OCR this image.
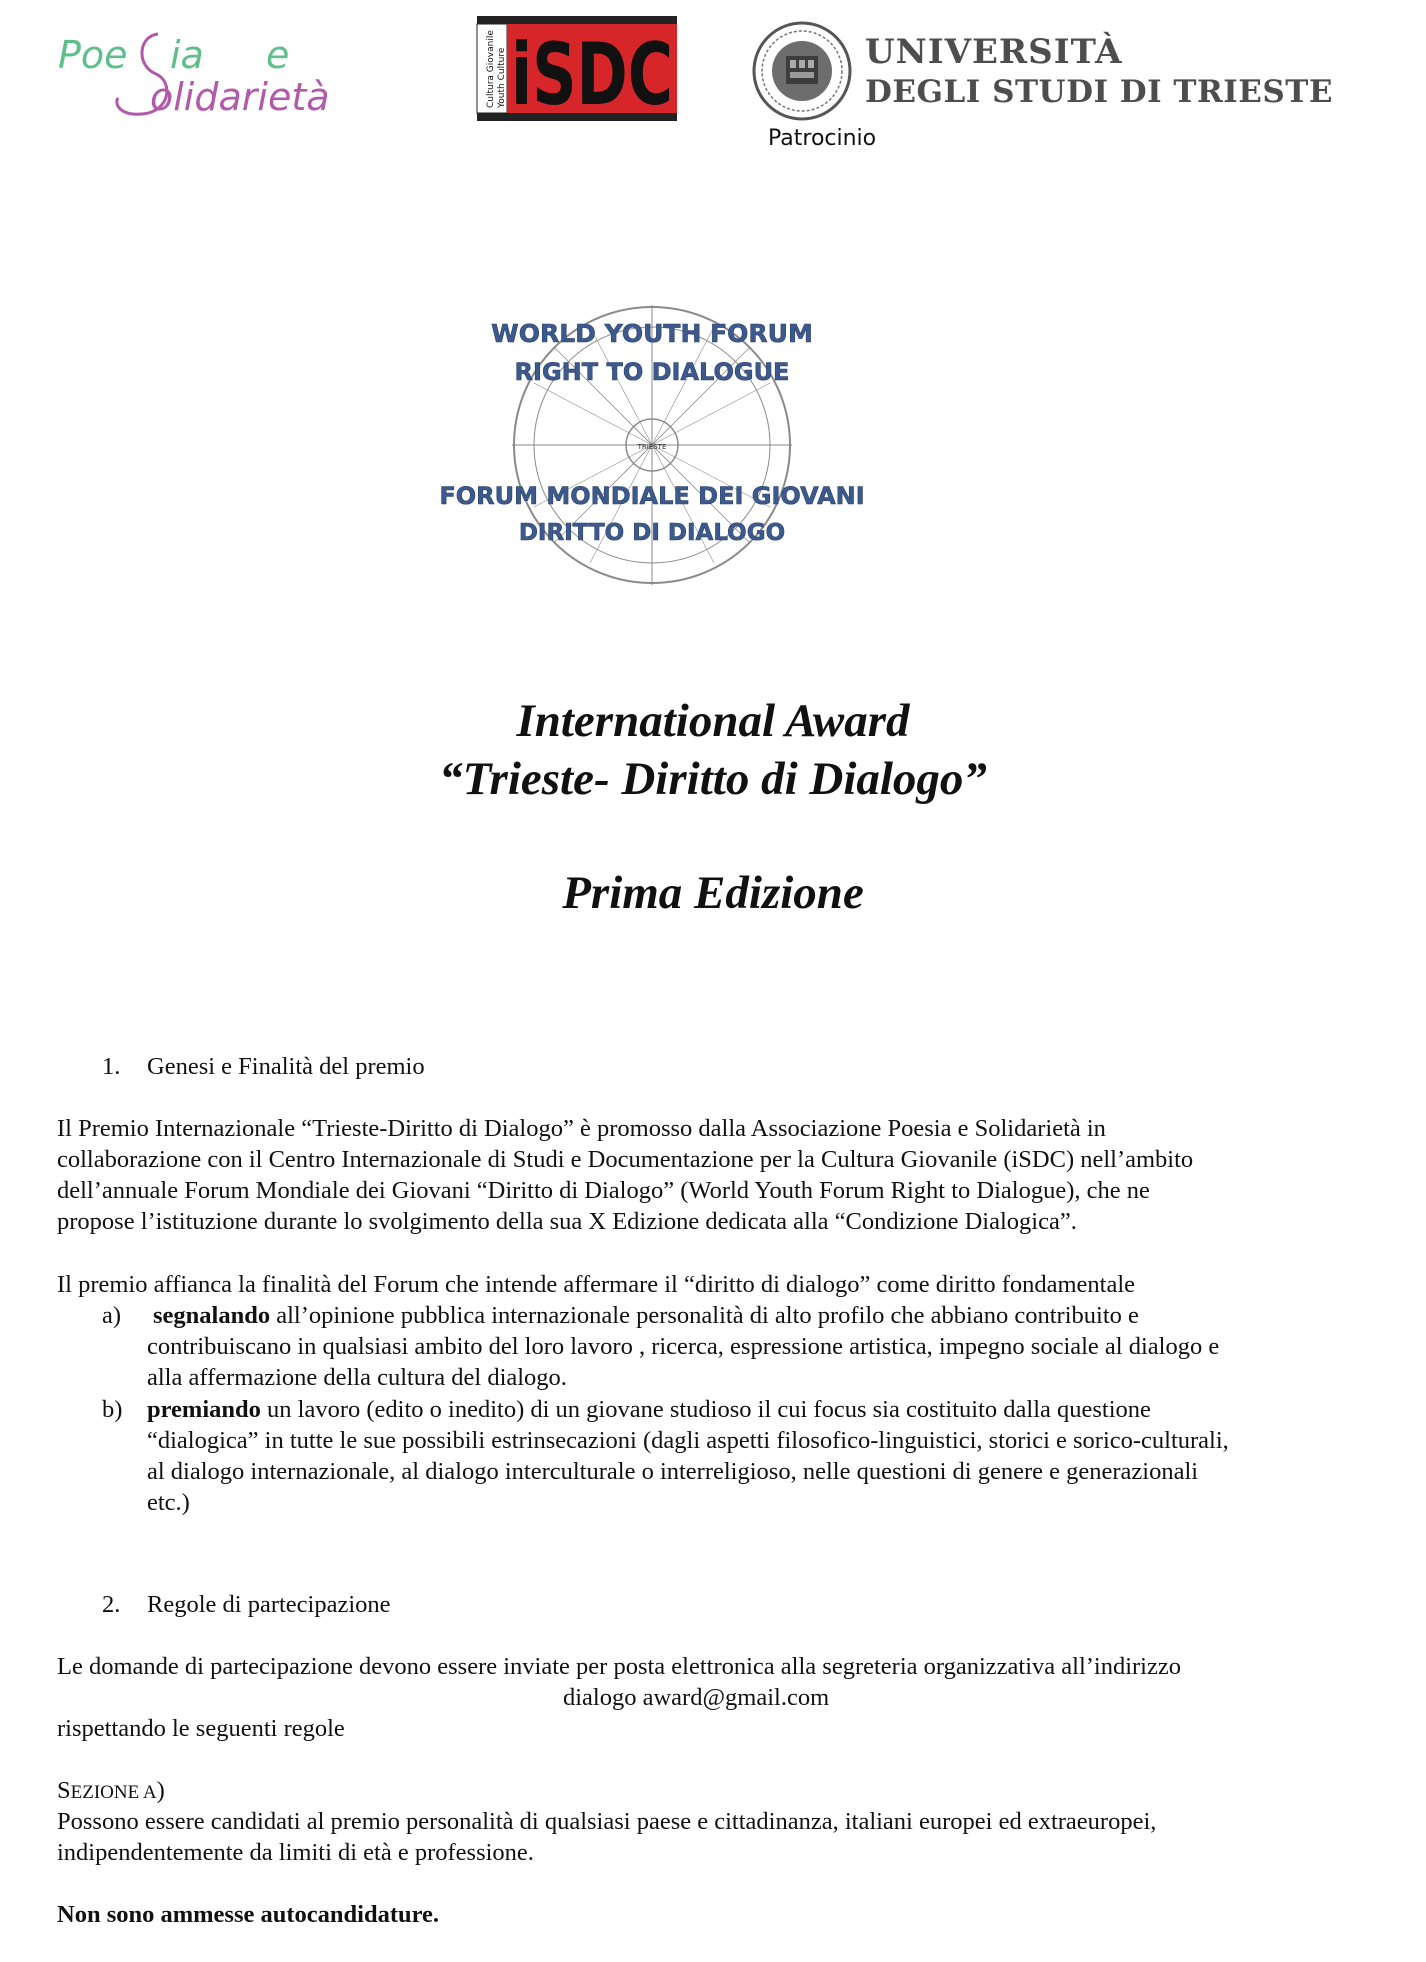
Poe ia e
olidarietà	Cultura Giovanile Youth Culture iSDC	UNIVERSITÀ
DEGLI STUDI DI TRIESTE
Patrocinio
TRIESTE
WORLD YOUTH FORUM
RIGHT TO DIALOGUE
FORUM MONDIALE DEI GIOVANI
DIRITTO DI DIALOGO
International Award
“Trieste- Diritto di Dialogo”
Prima Edizione
1. Genesi e Finalità del premio
Il Premio Internazionale “Trieste-Diritto di Dialogo” è promosso dalla Associazione Poesia e Solidarietà in
collaborazione con il Centro Internazionale di Studi e Documentazione per la Cultura Giovanile (iSDC) nell’ambito
dell’annuale Forum Mondiale dei Giovani “Diritto di Dialogo” (World Youth Forum Right to Dialogue), che ne
propose l’istituzione durante lo svolgimento della sua X Edizione dedicata alla “Condizione Dialogica”.
Il premio affianca la finalità del Forum che intende affermare il “diritto di dialogo” come diritto fondamentale
a) segnalando all’opinione pubblica internazionale personalità di alto profilo che abbiano contribuito e
contribuiscano in qualsiasi ambito del loro lavoro , ricerca, espressione artistica, impegno sociale al dialogo e
alla affermazione della cultura del dialogo.
b) premiando un lavoro (edito o inedito) di un giovane studioso il cui focus sia costituito dalla questione
“dialogica” in tutte le sue possibili estrinsecazioni (dagli aspetti filosofico-linguistici, storici e sorico-culturali,
al dialogo internazionale, al dialogo interculturale o interreligioso, nelle questioni di genere e generazionali
etc.)
2. Regole di partecipazione
Le domande di partecipazione devono essere inviate per posta elettronica alla segreteria organizzativa all’indirizzo
dialogo award@gmail.com
rispettando le seguenti regole
SEZIONE A)
Possono essere candidati al premio personalità di qualsiasi paese e cittadinanza, italiani europei ed extraeuropei,
indipendentemente da limiti di età e professione.
Non sono ammesse autocandidature.
